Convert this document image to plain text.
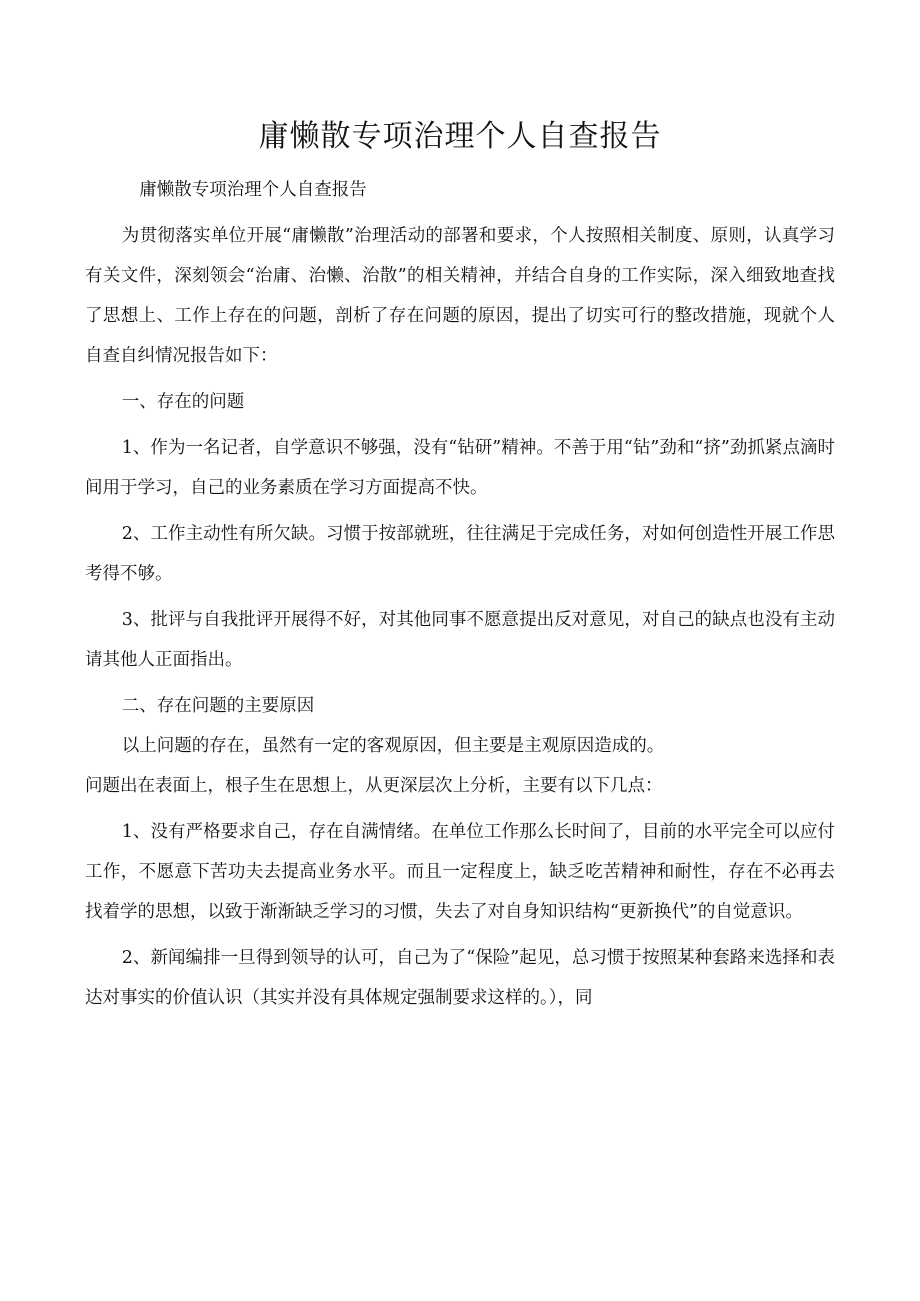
庸懒散专项治理个人自查报告

庸懒散专项治理个人自查报告

为贯彻落实单位开展“庸懒散”治理活动的部署和要求，个人按照相关制度、原则，认真学习有关文件，深刻领会“治庸、治懒、治散”的相关精神，并结合自身的工作实际，深入细致地查找了思想上、工作上存在的问题，剖析了存在问题的原因，提出了切实可行的整改措施，现就个人自查自纠情况报告如下：

一、存在的问题

1、作为一名记者，自学意识不够强，没有“钻研”精神。不善于用“钻”劲和“挤”劲抓紧点滴时间用于学习，自己的业务素质在学习方面提高不快。

2、工作主动性有所欠缺。习惯于按部就班，往往满足于完成任务，对如何创造性开展工作思考得不够。

3、批评与自我批评开展得不好，对其他同事不愿意提出反对意见，对自己的缺点也没有主动请其他人正面指出。

二、存在问题的主要原因

以上问题的存在，虽然有一定的客观原因，但主要是主观原因造成的。

问题出在表面上，根子生在思想上，从更深层次上分析，主要有以下几点：

1、没有严格要求自己，存在自满情绪。在单位工作那么长时间了，目前的水平完全可以应付工作，不愿意下苦功夫去提高业务水平。而且一定程度上，缺乏吃苦精神和耐性，存在不必再去找着学的思想，以致于渐渐缺乏学习的习惯，失去了对自身知识结构“更新换代”的自觉意识。

2、新闻编排一旦得到领导的认可，自己为了“保险”起见，总习惯于按照某种套路来选择和表达对事实的价值认识（其实并没有具体规定强制要求这样的。），同
